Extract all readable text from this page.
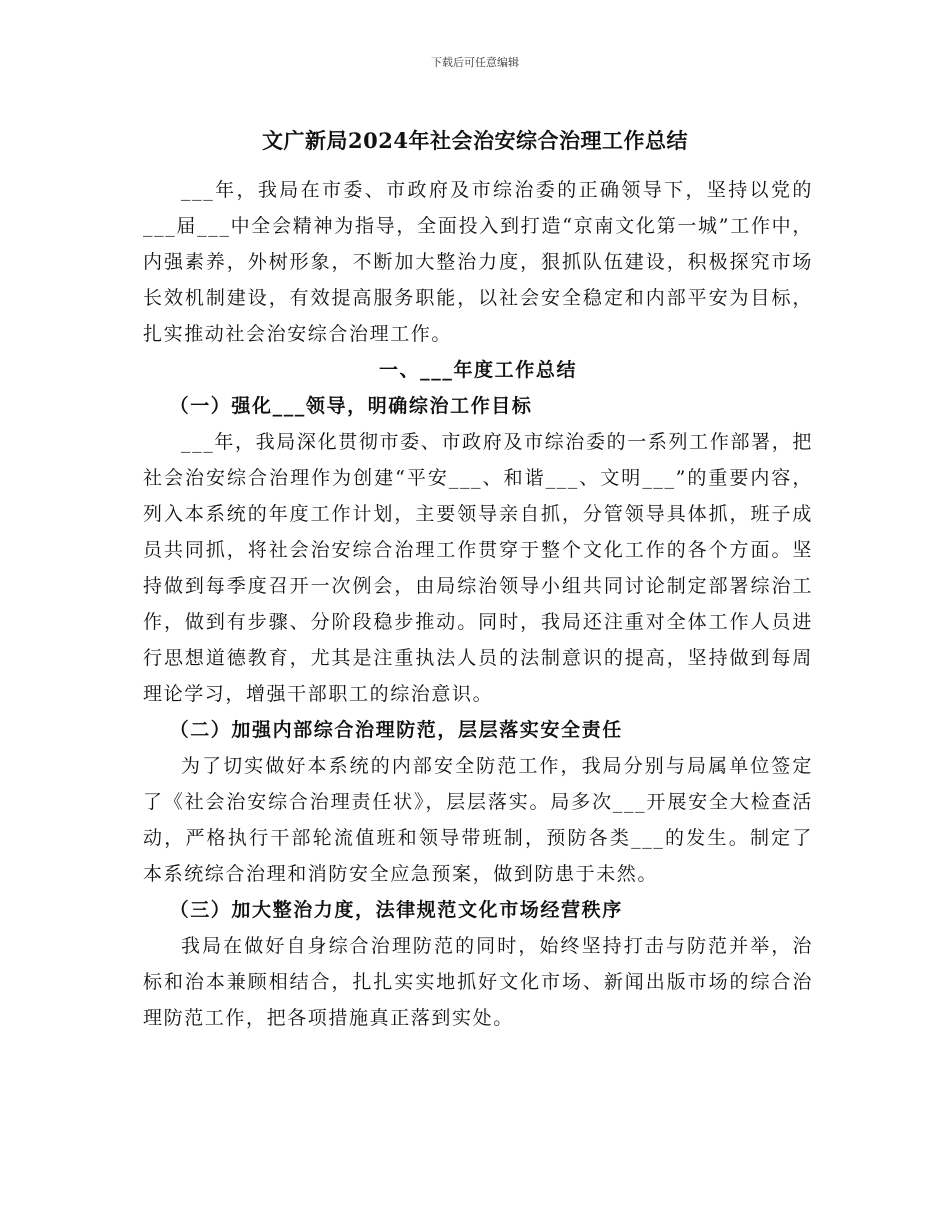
下载后可任意编辑
文广新局2024年社会治安综合治理工作总结

___年，我局在市委、市政府及市综治委的正确领导下，坚持以党的___届___中全会精神为指导，全面投入到打造“京南文化第一城”工作中，内强素养，外树形象，不断加大整治力度，狠抓队伍建设，积极探究市场长效机制建设，有效提高服务职能，以社会安全稳定和内部平安为目标，扎实推动社会治安综合治理工作。

一、___年度工作总结

（一）强化___领导，明确综治工作目标

___年，我局深化贯彻市委、市政府及市综治委的一系列工作部署，把社会治安综合治理作为创建“平安___、和谐___、文明___”的重要内容，列入本系统的年度工作计划，主要领导亲自抓，分管领导具体抓，班子成员共同抓，将社会治安综合治理工作贯穿于整个文化工作的各个方面。坚持做到每季度召开一次例会，由局综治领导小组共同讨论制定部署综治工作，做到有步骤、分阶段稳步推动。同时，我局还注重对全体工作人员进行思想道德教育，尤其是注重执法人员的法制意识的提高，坚持做到每周理论学习，增强干部职工的综治意识。

（二）加强内部综合治理防范，层层落实安全责任

为了切实做好本系统的内部安全防范工作，我局分别与局属单位签定了《社会治安综合治理责任状》，层层落实。局多次___开展安全大检查活动，严格执行干部轮流值班和领导带班制，预防各类___的发生。制定了本系统综合治理和消防安全应急预案，做到防患于未然。

（三）加大整治力度，法律规范文化市场经营秩序

我局在做好自身综合治理防范的同时，始终坚持打击与防范并举，治标和治本兼顾相结合，扎扎实实地抓好文化市场、新闻出版市场的综合治理防范工作，把各项措施真正落到实处。
